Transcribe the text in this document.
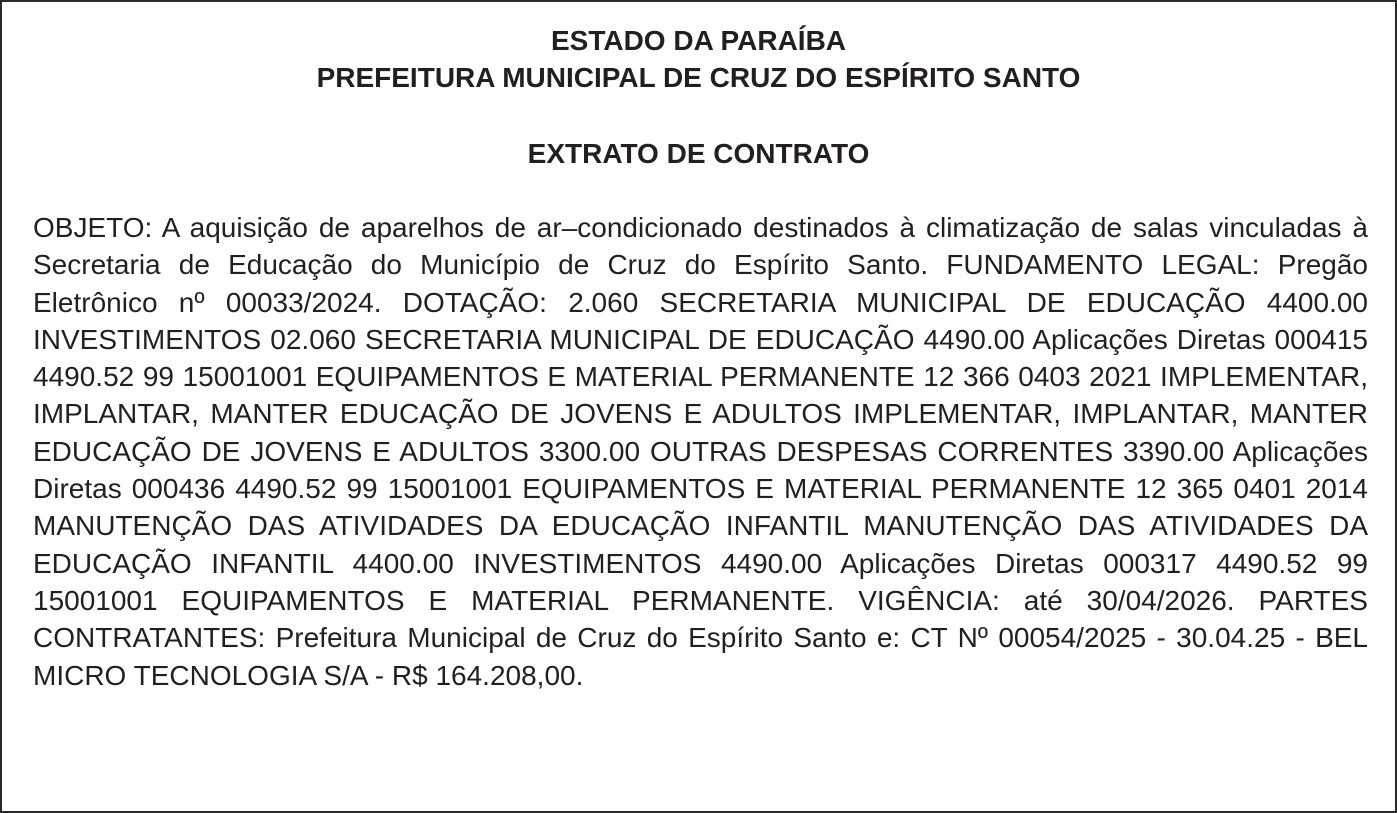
ESTADO DA PARAÍBA
PREFEITURA MUNICIPAL DE CRUZ DO ESPÍRITO SANTO
EXTRATO DE CONTRATO
OBJETO: A aquisição de aparelhos de ar–condicionado destinados à climatização de salas vinculadas à Secretaria de Educação do Município de Cruz do Espírito Santo. FUNDAMENTO LEGAL: Pregão Eletrônico nº 00033/2024. DOTAÇÃO: 2.060 SECRETARIA MUNICIPAL DE EDUCAÇÃO 4400.00 INVESTIMENTOS 02.060 SECRETARIA MUNICIPAL DE EDUCAÇÃO 4490.00 Aplicações Diretas 000415 4490.52 99 15001001 EQUIPAMENTOS E MATERIAL PERMANENTE 12 366 0403 2021 IMPLEMENTAR, IMPLANTAR, MANTER EDUCAÇÃO DE JOVENS E ADULTOS IMPLEMENTAR, IMPLANTAR, MANTER EDUCAÇÃO DE JOVENS E ADULTOS 3300.00 OUTRAS DESPESAS CORRENTES 3390.00 Aplicações Diretas 000436 4490.52 99 15001001 EQUIPAMENTOS E MATERIAL PERMANENTE 12 365 0401 2014 MANUTENÇÃO DAS ATIVIDADES DA EDUCAÇÃO INFANTIL MANUTENÇÃO DAS ATIVIDADES DA EDUCAÇÃO INFANTIL 4400.00 INVESTIMENTOS 4490.00 Aplicações Diretas 000317 4490.52 99 15001001 EQUIPAMENTOS E MATERIAL PERMANENTE. VIGÊNCIA: até 30/04/2026. PARTES CONTRATANTES: Prefeitura Municipal de Cruz do Espírito Santo e: CT Nº 00054/2025 - 30.04.25 - BEL MICRO TECNOLOGIA S/A - R$ 164.208,00.
